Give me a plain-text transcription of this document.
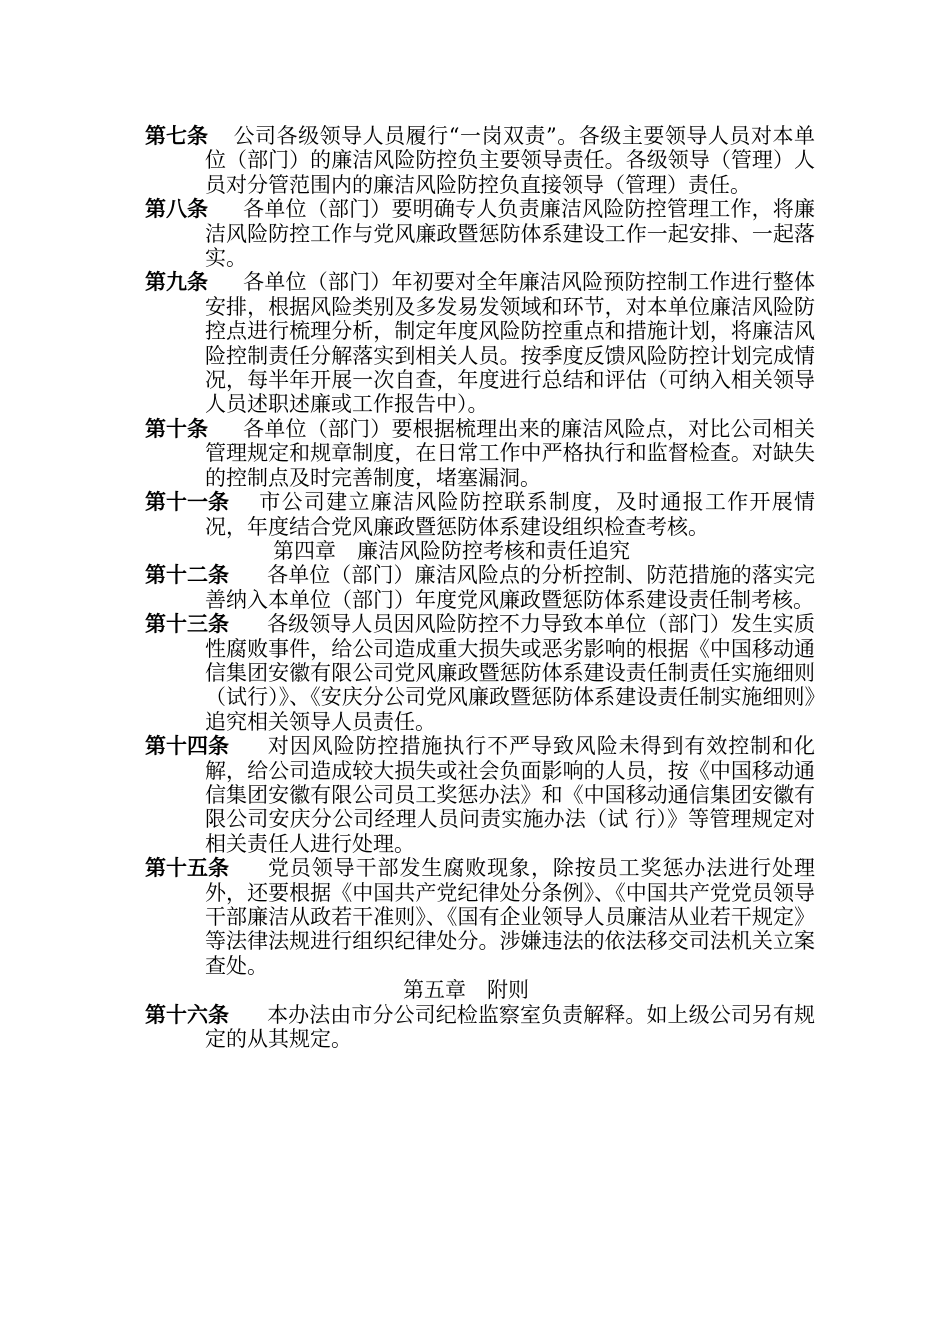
第七条	公司各级领导人员履行“一岗双责”。各级主要领导人员对本单位（部门）的廉洁风险防控负主要领导责任。各级领导（管理）人员对分管范围内的廉洁风险防控负直接领导（管理）责任。
第八条	各单位（部门）要明确专人负责廉洁风险防控管理工作，将廉洁风险防控工作与党风廉政暨惩防体系建设工作一起安排、一起落实。
第九条	各单位（部门）年初要对全年廉洁风险预防控制工作进行整体安排，根据风险类别及多发易发领域和环节，对本单位廉洁风险防控点进行梳理分析，制定年度风险防控重点和措施计划，将廉洁风险控制责任分解落实到相关人员。按季度反馈风险防控计划完成情况，每半年开展一次自查，年度进行总结和评估（可纳入相关领导人员述职述廉或工作报告中）。
第十条	各单位（部门）要根据梳理出来的廉洁风险点，对比公司相关管理规定和规章制度，在日常工作中严格执行和监督检查。对缺失的控制点及时完善制度，堵塞漏洞。
第十一条	市公司建立廉洁风险防控联系制度，及时通报工作开展情况，年度结合党风廉政暨惩防体系建设组织检查考核。
第四章　廉洁风险防控考核和责任追究
第十二条	各单位（部门）廉洁风险点的分析控制、防范措施的落实完善纳入本单位（部门）年度党风廉政暨惩防体系建设责任制考核。
第十三条	各级领导人员因风险防控不力导致本单位（部门）发生实质性腐败事件，给公司造成重大损失或恶劣影响的根据《中国移动通信集团安徽有限公司党风廉政暨惩防体系建设责任制责任实施细则（试行）》、《安庆分公司党风廉政暨惩防体系建设责任制实施细则》追究相关领导人员责任。
第十四条	对因风险防控措施执行不严导致风险未得到有效控制和化解，给公司造成较大损失或社会负面影响的人员，按《中国移动通信集团安徽有限公司员工奖惩办法》和《中国移动通信集团安徽有限公司安庆分公司经理人员问责实施办法（试 行）》等管理规定对相关责任人进行处理。
第十五条	党员领导干部发生腐败现象，除按员工奖惩办法进行处理外，还要根据《中国共产党纪律处分条例》、《中国共产党党员领导干部廉洁从政若干准则》、《国有企业领导人员廉洁从业若干规定》等法律法规进行组织纪律处分。涉嫌违法的依法移交司法机关立案查处。
第五章　附则
第十六条	本办法由市分公司纪检监察室负责解释。如上级公司另有规定的从其规定。
